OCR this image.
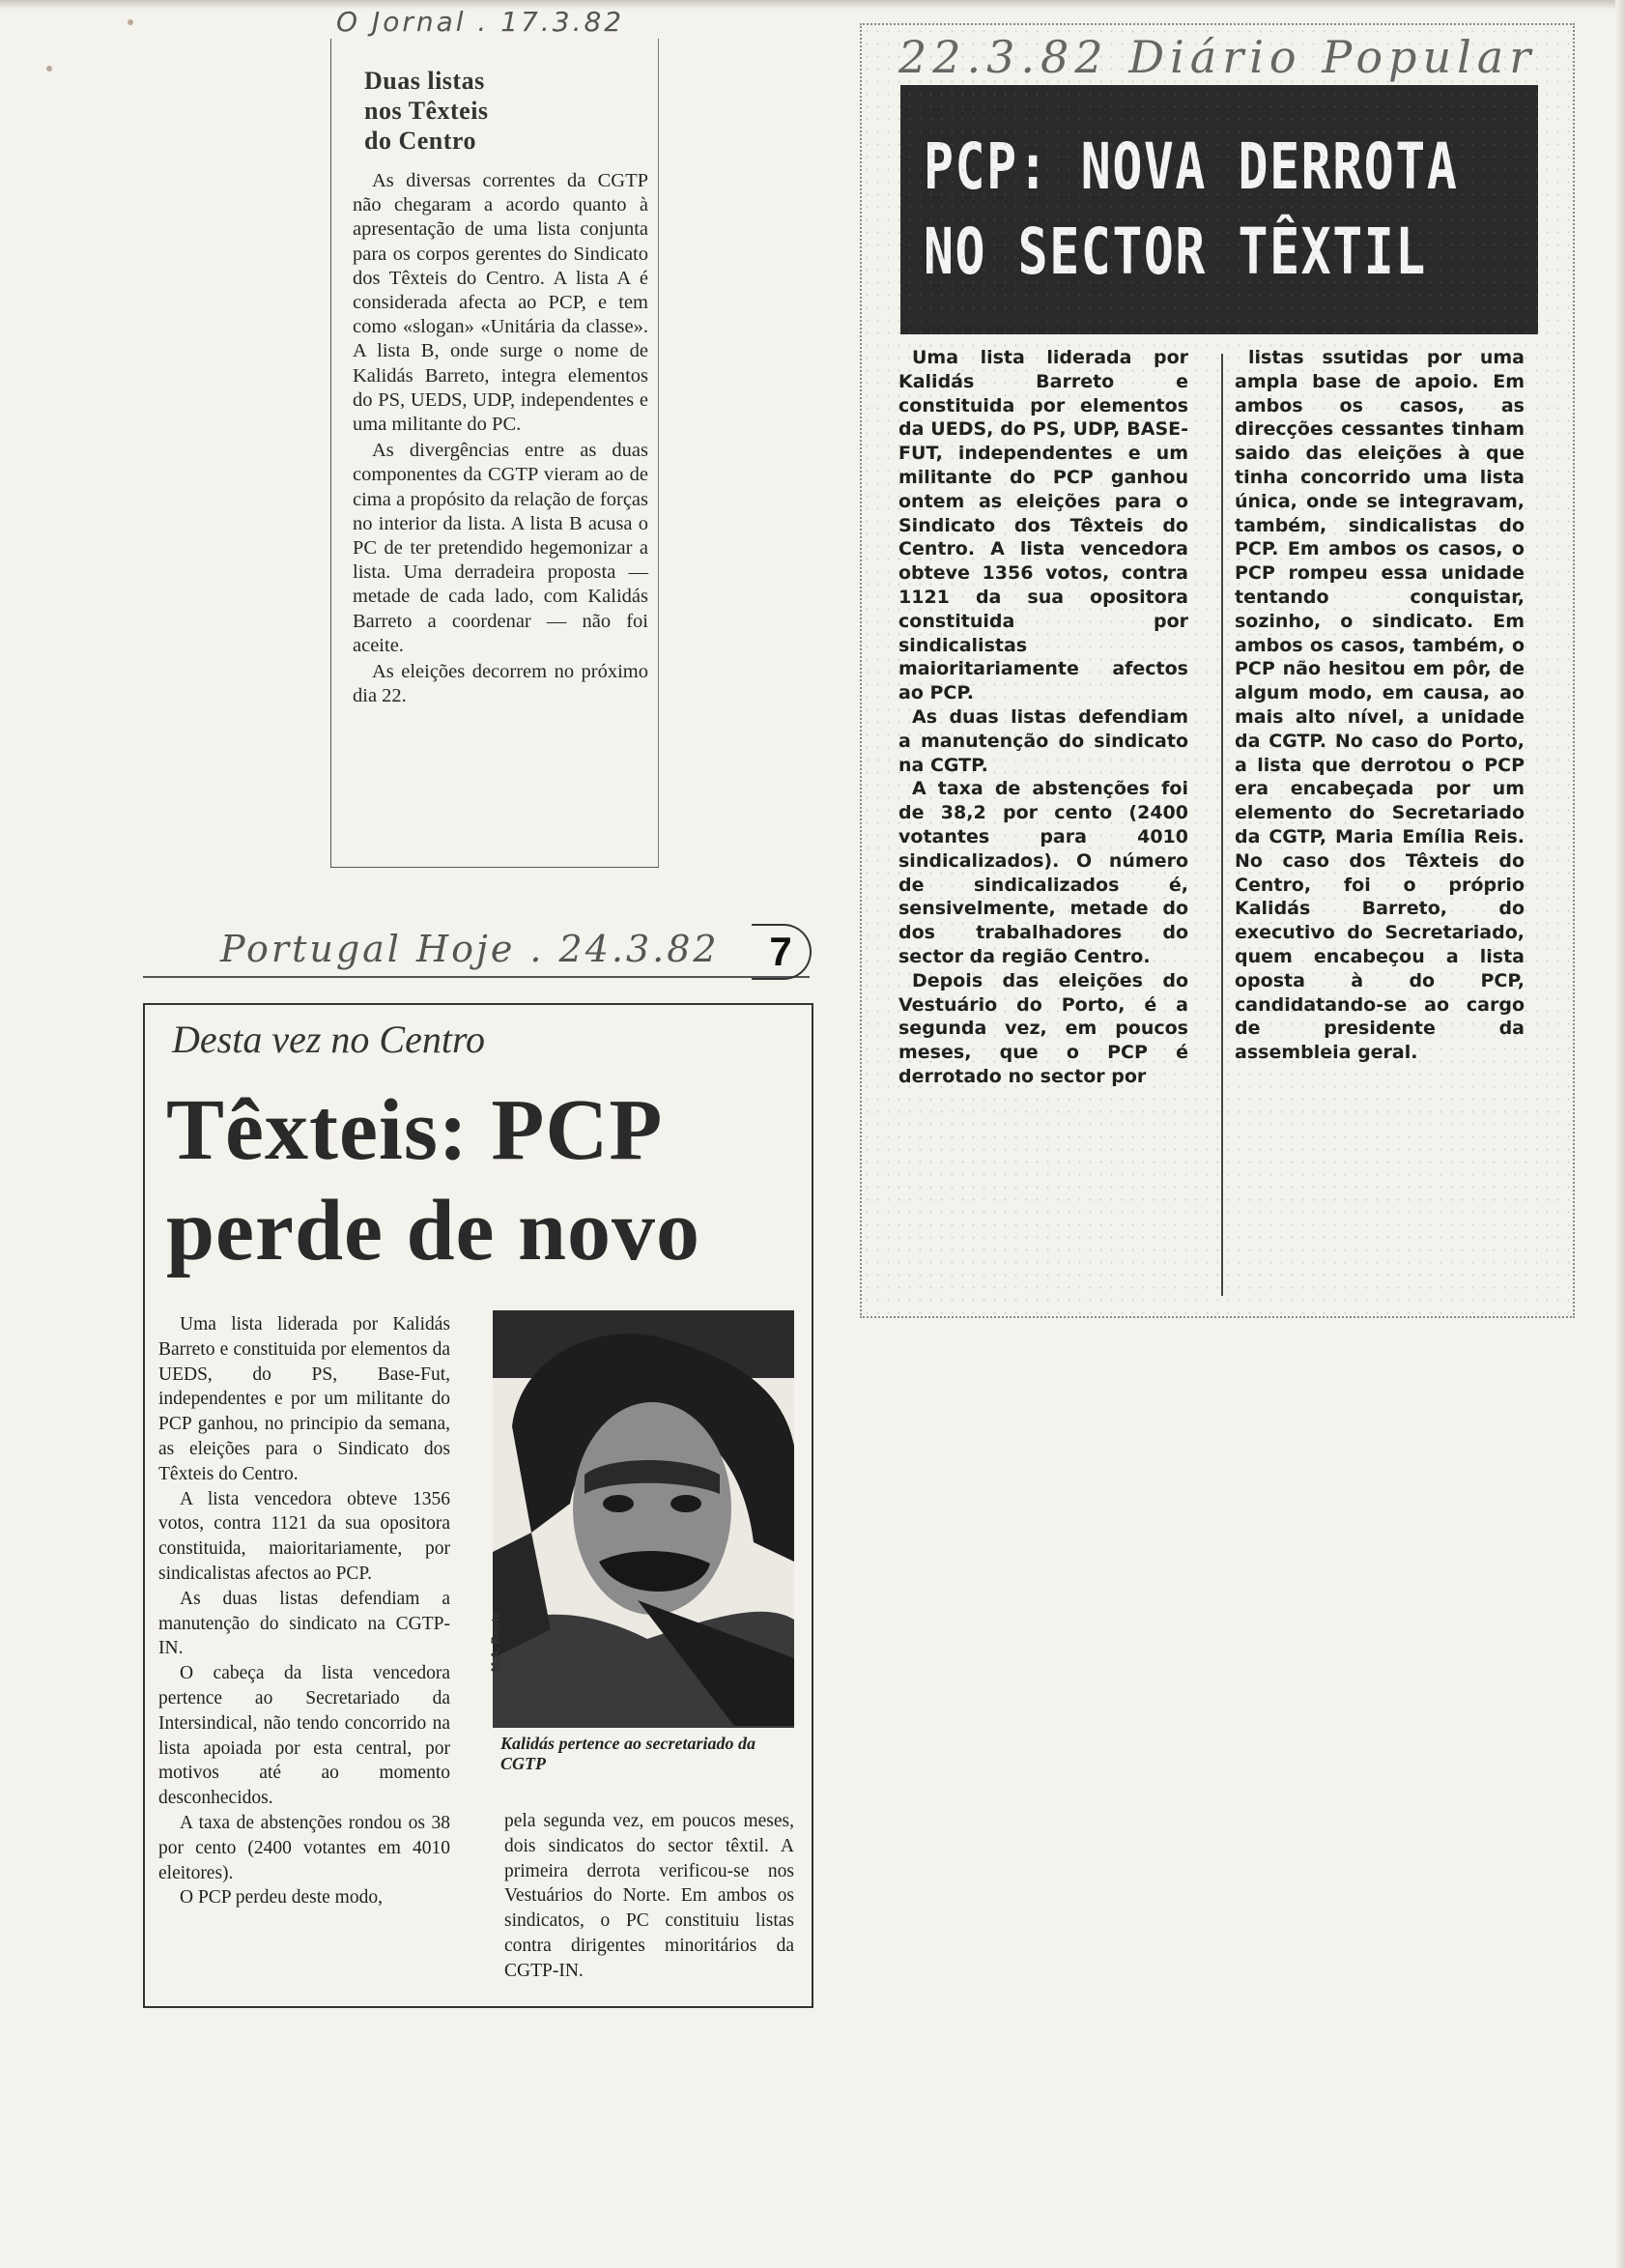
O Jornal . 17.3.82
Duas listas
nos Têxteis
do Centro

As diversas correntes da CGTP não chegaram a acordo quanto à apresentação de uma lista conjunta para os corpos gerentes do Sindicato dos Têxteis do Centro. A lista A é considerada afecta ao PCP, e tem como «slogan» «Unitária da classe». A lista B, onde surge o nome de Kalidás Barreto, integra elementos do PS, UEDS, UDP, independentes e uma militante do PC.

As divergências entre as duas componentes da CGTP vieram ao de cima a propósito da relação de forças no interior da lista. A lista B acusa o PC de ter pretendido hegemonizar a lista. Uma derradeira proposta — metade de cada lado, com Kalidás Barreto a coordenar — não foi aceite.

As eleições decorrem no próximo dia 22.

22.3.82 Diário Popular
PCP: NOVA DERROTA
NO SECTOR TÊXTIL

Uma lista liderada por Kalidás Barreto e constituida por elementos da UEDS, do PS, UDP, BASE-FUT, independentes e um militante do PCP ganhou ontem as eleições para o Sindicato dos Têxteis do Centro. A lista vencedora obteve 1356 votos, contra 1121 da sua opositora constituida por sindicalistas maioritariamente afectos ao PCP.

As duas listas defendiam a manutenção do sindicato na CGTP.

A taxa de abstenções foi de 38,2 por cento (2400 votantes para 4010 sindicalizados). O número de sindicalizados é, sensivelmente, metade do dos trabalhadores do sector da região Centro.

Depois das eleições do Vestuário do Porto, é a segunda vez, em poucos meses, que o PCP é derrotado no sector por

listas ssutidas por uma ampla base de apoio. Em ambos os casos, as direcções cessantes tinham saido das eleições à que tinha concorrido uma lista única, onde se integravam, também, sindicalistas do PCP. Em ambos os casos, o PCP rompeu essa unidade tentando conquistar, sozinho, o sindicato. Em ambos os casos, também, o PCP não hesitou em pôr, de algum modo, em causa, ao mais alto nível, a unidade da CGTP. No caso do Porto, a lista que derrotou o PCP era encabeçada por um elemento do Secretariado da CGTP, Maria Emília Reis. No caso dos Têxteis do Centro, foi o próprio Kalidás Barreto, do executivo do Secretariado, quem encabeçou a lista oposta à do PCP, candidatando-se ao cargo de presidente da assembleia geral.

Portugal Hoje . 24.3.82	7
Desta vez no Centro
Têxteis: PCP
perde de novo

Uma lista liderada por Kalidás Barreto e constituida por elementos da UEDS, do PS, Base-Fut, independentes e por um militante do PCP ganhou, no principio da semana, as eleições para o Sindicato dos Têxteis do Centro.

A lista vencedora obteve 1356 votos, contra 1121 da sua opositora constituida, maioritariamente, por sindicalistas afectos ao PCP.

As duas listas defendiam a manutenção do sindicato na CGTP-IN.

O cabeça da lista vencedora pertence ao Secretariado da Intersindical, não tendo concorrido na lista apoiada por esta central, por motivos até ao momento desconhecidos.

A taxa de abstenções rondou os 38 por cento (2400 votantes em 4010 eleitores).

O PCP perdeu deste modo,

M.A. Bento
Kalidás pertence ao secretariado da CGTP

pela segunda vez, em poucos meses, dois sindicatos do sector têxtil. A primeira derrota verificou-se nos Vestuários do Norte. Em ambos os sindicatos, o PC constituiu listas contra dirigentes minoritários da CGTP-IN.
